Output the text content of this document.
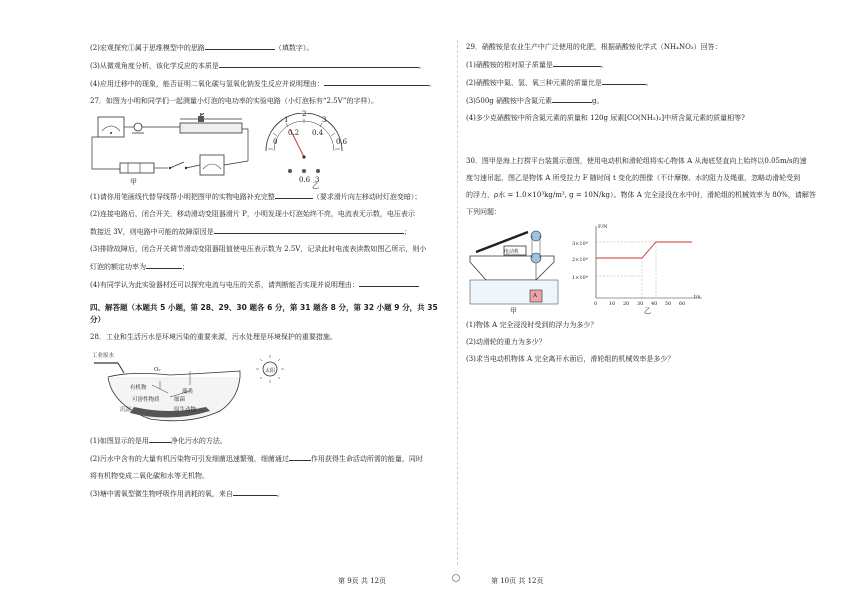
(2)宏观探究①属于思维模型中的思路	（填数字）。
(3)从微观角度分析，该化学反应的本质是	。
(4)应用迁移中的现象，能否证明二氧化碳与氢氧化钠发生反应并说明理由：	。
27．如图为小明和同学们一起测量小灯泡的电功率的实验电路（小灯泡标有“2.5V”的字样）。
P
0
0.2 0.4
0.6
1
2
3
0.6 3
甲	乙
(1)请你用笔画线代替导线帮小明把图甲的实物电路补充完整	（要求滑片向左移动时灯泡变暗）；
(2)连接电路后，闭合开关，移动滑动变阻器滑片 P，小明发现小灯泡始终不亮，电流表无示数，电压表示
数接近 3V，则电路中可能的故障原因是	；
(3)排除故障后，闭合开关调节滑动变阻器阻值使电压表示数为 2.5V，记录此时电流表读数如图乙所示，则小
灯泡的额定功率为	；
(4)有同学认为此实验器材还可以探究电流与电压的关系，请判断能否实现并说明理由：
四、解答题（本题共 5 小题，第 28、29、30 题各 6 分，第 31 题各 8 分，第 32 小题 9 分，共 35
分）
28．工业和生活污水是环境污染的重要来源，污水处理是环境保护的重要措施。
工业废水
O₂
有机物
藻类
可溶性物质	细菌
沉淀	原生动物
太阳
(1)如图显示的是用	净化污水的方法。
(2)污水中含有的大量有机污染物可引发细菌迅速繁殖，细菌通过	作用获得生命活动所需的能量，同时
将有机物变成二氧化碳和水等无机物。
(3)塘中需氧型微生物呼吸作用消耗的氧，来自	。
第 9页 共 12页
29．硝酸铵是农业生产中广泛使用的化肥，根据硝酸铵化学式（NH₄NO₃）回答：
(1)硝酸铵的相对原子质量是	。
(2)硝酸铵中氮、氢、氧三种元素的质量比是	。
(3)500g 硝酸铵中含氮元素	g。
(4)多少克硝酸铵中所含氮元素的质量和 120g 尿素[CO(NH₂)₂]中所含氮元素的质量相等?
30．图甲是海上打捞平台装置示意图，使用电动机和滑轮组将实心物体 A 从海底竖直向上始终以0.05m/s的速
度匀速吊起，图乙是物体 A 所受拉力 F 随时间 t 变化的图像（不计摩擦、水的阻力及绳重，忽略动滑轮受到
的浮力，ρ水 = 1.0×10³kg/m³, g = 10N/kg）。物体 A 完全浸没在水中时，滑轮组的机械效率为 80%，请解答
下列问题：
电动机
A
甲	乙
F/N
t/s
3×10⁴
2×10⁴
1×10⁴
0 10 20 30 40 50 60
(1)物体 A 完全浸没时受到的浮力为多少？
(2)动滑轮的重力为多少？
(3)求当电动机物体 A 完全离开水面后，滑轮组的机械效率是多少？
第 10页 共 12页
